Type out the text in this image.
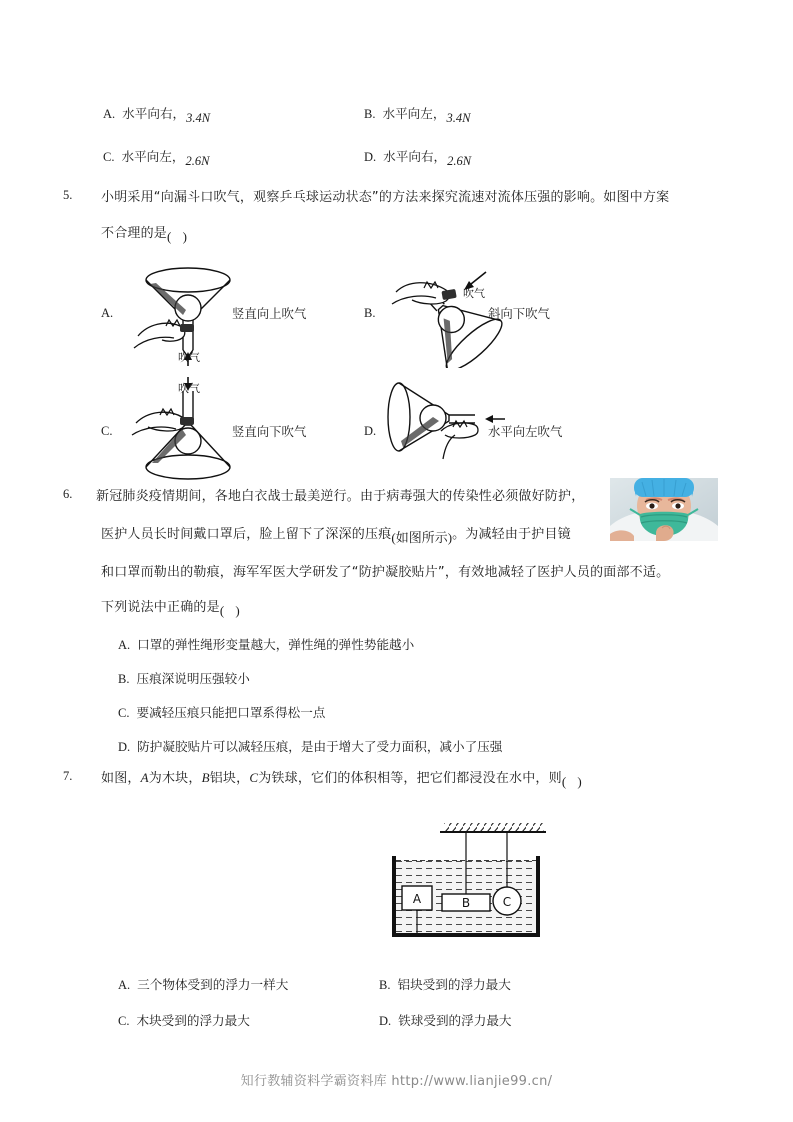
A. 水平向右，3.4N	B. 水平向左，3.4N
C. 水平向左，2.6N	D. 水平向右，2.6N
5. 小明采用“向漏斗口吹气，观察乒乓球运动状态”的方法来探究流速对流体压强的影响。如图中方案
不合理的是( )
A.
吹气
竖直向上吹气	B.
吹气
斜向下吹气
C.
吹气
竖直向下吹气	D.	水平向左吹气
6. 新冠肺炎疫情期间，各地白衣战士最美逆行。由于病毒强大的传染性必须做好防护，
医护人员长时间戴口罩后，脸上留下了深深的压痕(如图所示)。为减轻由于护目镜
和口罩而勒出的勒痕，海军军医大学研发了“防护凝胶贴片”，有效地减轻了医护人员的面部不适。
下列说法中正确的是( )
A. 口罩的弹性绳形变量越大，弹性绳的弹性势能越小
B. 压痕深说明压强较小
C. 要减轻压痕只能把口罩系得松一点
D. 防护凝胶贴片可以减轻压痕，是由于增大了受力面积，减小了压强
7. 如图，A为木块，B铝块，C为铁球，它们的体积相等，把它们都浸没在水中，则( )
A	B	C
A. 三个物体受到的浮力一样大	B. 铝块受到的浮力最大
C. 木块受到的浮力最大	D. 铁球受到的浮力最大
知行教辅资料学霸资料库 http://www.lianjie99.cn/
